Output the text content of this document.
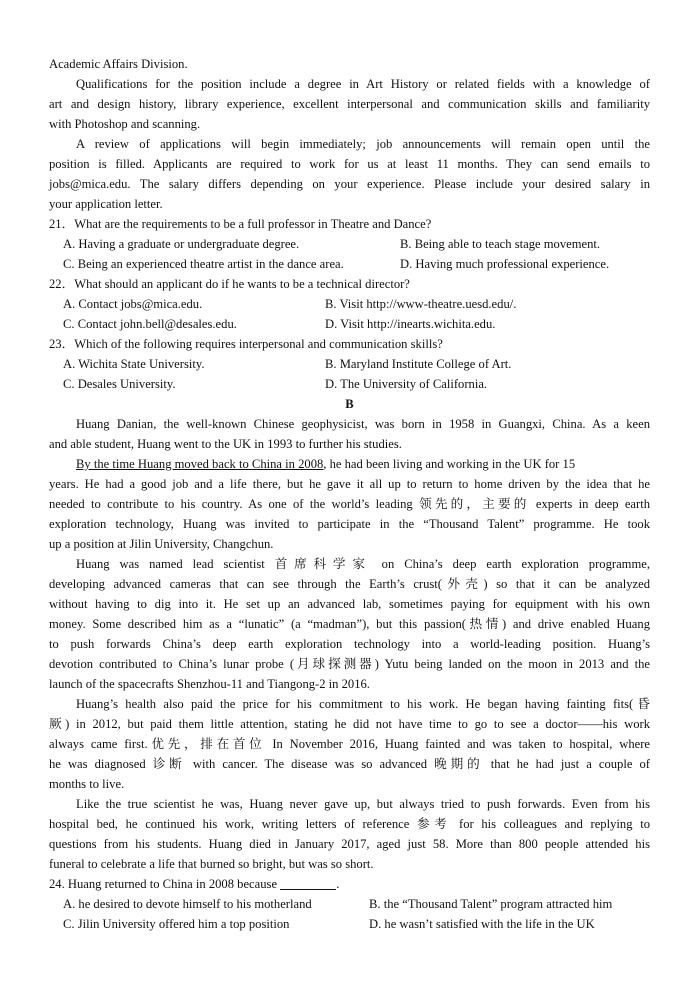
Academic Affairs Division.
Qualifications for the position include a degree in Art History or related fields with a knowledge of
art and design history, library experience, excellent interpersonal and communication skills and familiarity
with Photoshop and scanning.
A review of applications will begin immediately; job announcements will remain open until the
position is filled. Applicants are required to work for us at least 11 months. They can send emails to
jobs@mica.edu. The salary differs depending on your experience. Please include your desired salary in
your application letter.
21．What are the requirements to be a full professor in Theatre and Dance?
A. Having a graduate or undergraduate degree.	B. Being able to teach stage movement.
C. Being an experienced theatre artist in the dance area.	D. Having much professional experience.
22．What should an applicant do if he wants to be a technical director?
A. Contact jobs@mica.edu.	B. Visit http://www-theatre.uesd.edu/.
C. Contact john.bell@desales.edu.	D. Visit http://inearts.wichita.edu.
23．Which of the following requires interpersonal and communication skills?
A. Wichita State University.	B. Maryland Institute College of Art.
C. Desales University.	D. The University of California.
B
Huang Danian, the well-known Chinese geophysicist, was born in 1958 in Guangxi, China. As a keen
and able student, Huang went to the UK in 1993 to further his studies.
By the time Huang moved back to China in 2008, he had been living and working in the UK for 15
years. He had a good job and a life there, but he gave it all up to return to home driven by the idea that he
needed to contribute to his country. As one of the world’s leading 领先的，主要的 experts in deep earth
exploration technology, Huang was invited to participate in the “Thousand Talent” programme. He took
up a position at Jilin University, Changchun.
Huang was named lead scientist 首席科学家 on China’s deep earth exploration programme,
developing advanced cameras that can see through the Earth’s crust(外壳) so that it can be analyzed
without having to dig into it. He set up an advanced lab, sometimes paying for equipment with his own
money. Some described him as a “lunatic” (a “madman”), but this passion(热情) and drive enabled Huang
to push forwards China’s deep earth exploration technology into a world-leading position. Huang’s
devotion contributed to China’s lunar probe (月球探测器) Yutu being landed on the moon in 2013 and the
launch of the spacecrafts Shenzhou-11 and Tiangong-2 in 2016.
Huang’s health also paid the price for his commitment to his work. He began having fainting fits(昏
厥) in 2012, but paid them little attention, stating he did not have time to go to see a doctor——his work
always came first.优先，排在首位 In November 2016, Huang fainted and was taken to hospital, where
he was diagnosed 诊断 with cancer. The disease was so advanced 晚期的 that he had just a couple of
months to live.
Like the true scientist he was, Huang never gave up, but always tried to push forwards. Even from his
hospital bed, he continued his work, writing letters of reference 参考 for his colleagues and replying to
questions from his students. Huang died in January 2017, aged just 58. More than 800 people attended his
funeral to celebrate a life that burned so bright, but was so short.
24. Huang returned to China in 2008 because	.
A. he desired to devote himself to his motherland	B. the “Thousand Talent” program attracted him
C. Jilin University offered him a top position	D. he wasn’t satisfied with the life in the UK
